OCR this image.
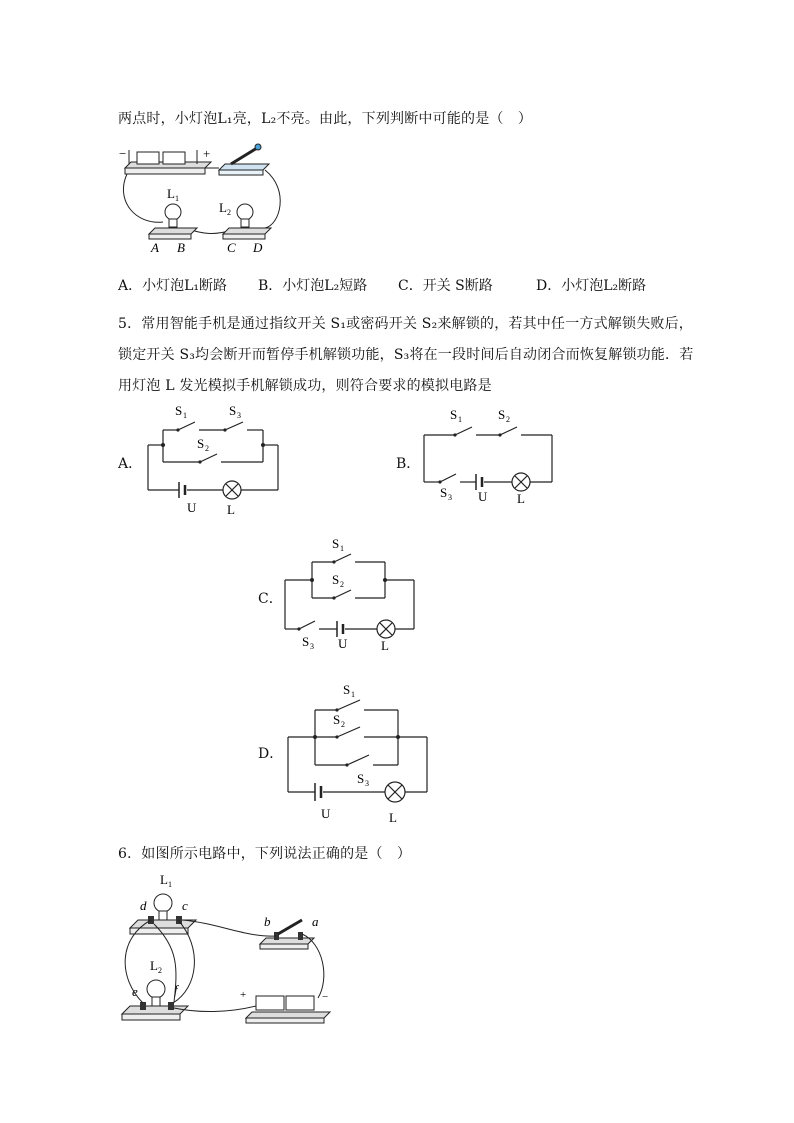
两点时，小灯泡L₁亮，L₂不亮。由此，下列判断中可能的是（　）
−	+
L 1
L 2
A B	C D
A．小灯泡L₁断路 B．小灯泡L₂短路 C．开关 S断路	D．小灯泡L₂断路
5．常用智能手机是通过指纹开关 S₁或密码开关 S₂来解锁的，若其中任一方式解锁失败后，
锁定开关 S₃均会断开而暂停手机解锁功能，S₃将在一段时间后自动闭合而恢复解锁功能．若
用灯泡 L 发光模拟手机解锁成功，则符合要求的模拟电路是
A．
S 1	S 3
S 2
U L
B．
S 1	S 2
S 3 U L
C．
S 1
S 2
S 3 U	L
D．
S 1
S 2
S 3
U	L
6．如图所示电路中，下列说法正确的是（　）
L 1
d	c
L 2
e	f
b	a
+	−
